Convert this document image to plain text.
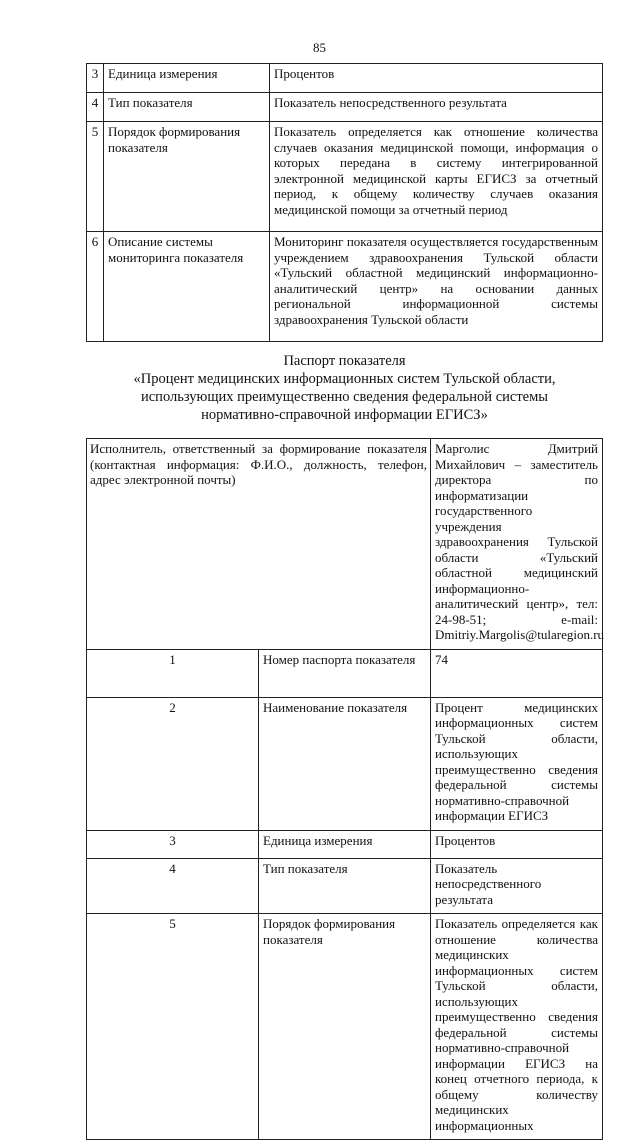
85
3	Единица измерения	Процентов
4	Тип показателя	Показатель непосредственного результата
5	Порядок формирования показателя	Показатель определяется как отношение количества случаев оказания медицинской помощи, информация о которых передана в систему интегрированной электронной медицинской карты ЕГИСЗ за отчетный период, к общему количеству случаев оказания медицинской помощи за отчетный период
6	Описание системы мониторинга показателя	Мониторинг показателя осуществляется государственным учреждением здравоохранения Тульской области «Тульский областной медицинский информационно-аналитический центр» на основании данных региональной информационной системы здравоохранения Тульской области
Паспорт показателя
«Процент медицинских информационных систем Тульской области,
использующих преимущественно сведения федеральной системы
нормативно-справочной информации ЕГИСЗ»
Исполнитель, ответственный за формирование показателя (контактная информация: Ф.И.О., должность, телефон, адрес электронной почты)		Марголис Дмитрий Михайлович – заместитель директора по информатизации государственного учреждения здравоохранения Тульской области «Тульский областной медицинский информационно-аналитический центр», тел: 24-98-51; e-mail: Dmitriy.Margolis@tularegion.ru
1	Номер паспорта показателя	74
2	Наименование показателя	Процент медицинских информационных систем Тульской области, использующих преимущественно сведения федеральной системы нормативно-справочной информации ЕГИСЗ
3	Единица измерения	Процентов
4	Тип показателя	Показатель непосредственного результата
5	Порядок формирования показателя	Показатель определяется как отношение количества медицинских информационных систем Тульской области, использующих преимущественно сведения федеральной системы нормативно-справочной информации ЕГИСЗ на конец отчетного периода, к общему количеству медицинских информационных
